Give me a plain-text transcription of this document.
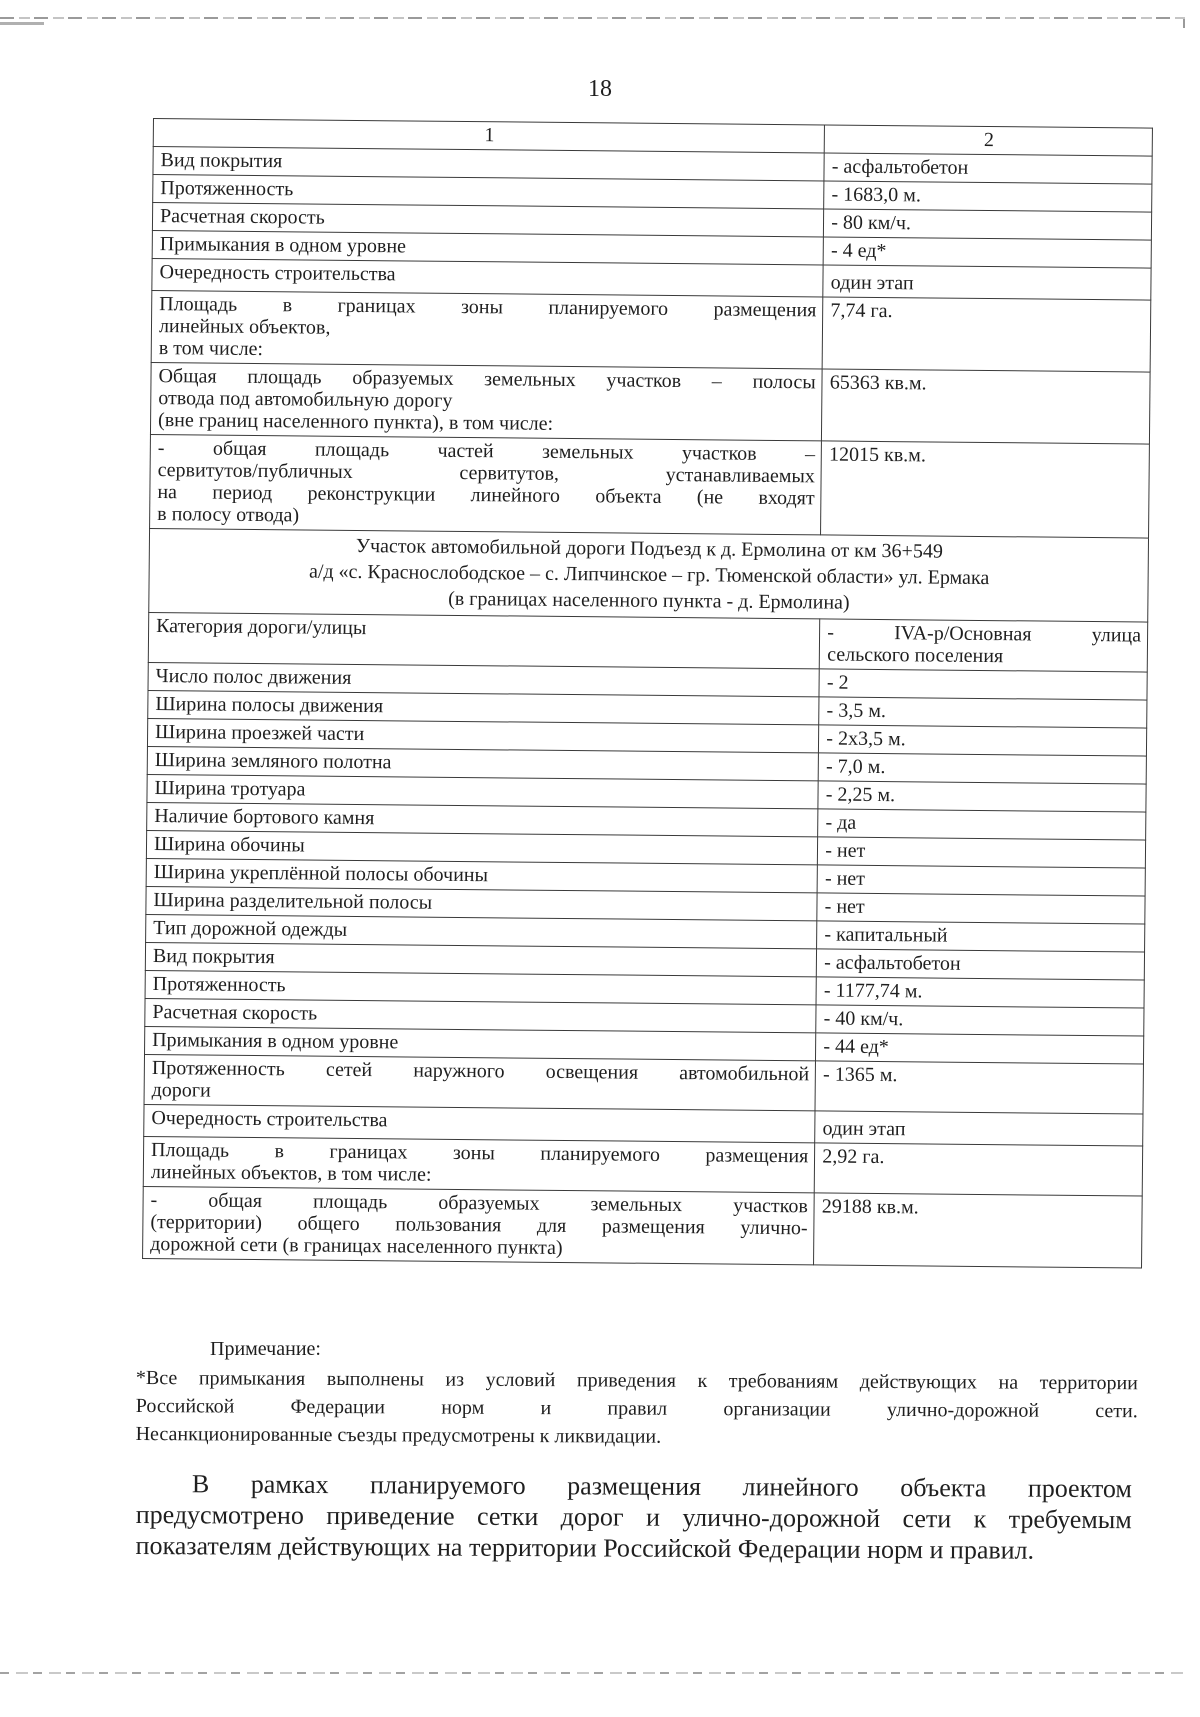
18
1	2
Вид покрытия	- асфальтобетон
Протяженность	- 1683,0 м.
Расчетная скорость	- 80 км/ч.
Примыкания в одном уровне	- 4 ед*
Очередность строительства	один этап

Площадь в границах зоны планируемого размещения
линейных объектов,
в том числе:	7,74 га.

Общая площадь образуемых земельных участков – полосы
отвода под автомобильную дорогу
(вне границ населенного пункта), в том числе:	65363 кв.м.

- общая площадь частей земельных участков –
сервитутов/публичных сервитутов, устанавливаемых
на период реконструкции линейного объекта (не входят
в полосу отвода)	12015 кв.м.
Участок автомобильной дороги Подъезд к д. Ермолина от км 36+549
а/д «с. Краснослободское – с. Липчинское – гр. Тюменской области» ул. Ермака
(в границах населенного пункта - д. Ермолина)	
Категория дороги/улицы	- IVA-р/Основная улица
сельского поселения
Число полос движения	- 2
Ширина полосы движения	- 3,5 м.
Ширина проезжей части	- 2х3,5 м.
Ширина земляного полотна	- 7,0 м.
Ширина тротуара	- 2,25 м.
Наличие бортового камня	- да
Ширина обочины	- нет
Ширина укреплённой полосы обочины	- нет
Ширина разделительной полосы	- нет
Тип дорожной одежды	- капитальный
Вид покрытия	- асфальтобетон
Протяженность	- 1177,74 м.
Расчетная скорость	- 40 км/ч.
Примыкания в одном уровне	- 44 ед*

Протяженность сетей наружного освещения автомобильной
дороги	- 1365 м.
Очередность строительства	один этап

Площадь в границах зоны планируемого размещения
линейных объектов, в том числе:	2,92 га.

- общая площадь образуемых земельных участков
(территории) общего пользования для размещения улично-
дорожной сети (в границах населенного пункта)	29188 кв.м.
Примечание:
*Все примыкания выполнены из условий приведения к требованиям действующих на территории
Российской Федерации норм и правил организации улично-дорожной сети.
Несанкционированные съезды предусмотрены к ликвидации.
В рамках планируемого размещения линейного объекта проектом
предусмотрено приведение сетки дорог и улично-дорожной сети к требуемым
показателям действующих на территории Российской Федерации норм и правил.
